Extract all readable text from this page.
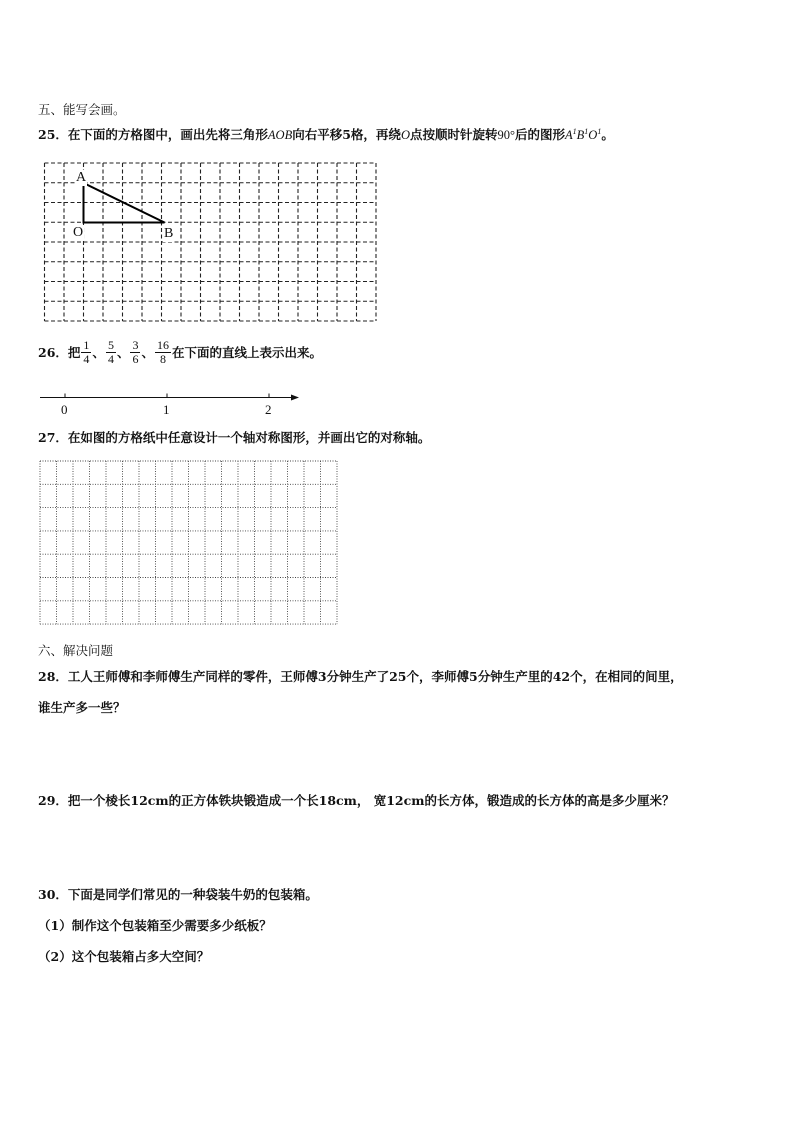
五、能写会画。
25．在下面的方格图中，画出先将三角形AOB向右平移5格，再绕O点按顺时针旋转90°后的图形$A^1B^1O^1$。
A
O	B
26．把 $\frac{1}{4}$ 、 $\frac{5}{4}$ 、 $\frac{3}{6}$ 、 $\frac{16}{8}$ 在下面的直线上表示出来。
0	1	2
27．在如图的方格纸中任意设计一个轴对称图形，并画出它的对称轴。
六、解决问题
28．工人王师傅和李师傅生产同样的零件，王师傅3分钟生产了25个，李师傅5分钟生产里的42个，在相同的间里，
谁生产多一些？
29．把一个棱长12cm的正方体铁块锻造成一个长18cm， 宽12cm的长方体，锻造成的长方体的高是多少厘米？
30．下面是同学们常见的一种袋装牛奶的包装箱。
（1）制作这个包装箱至少需要多少纸板？
（2）这个包装箱占多大空间？
